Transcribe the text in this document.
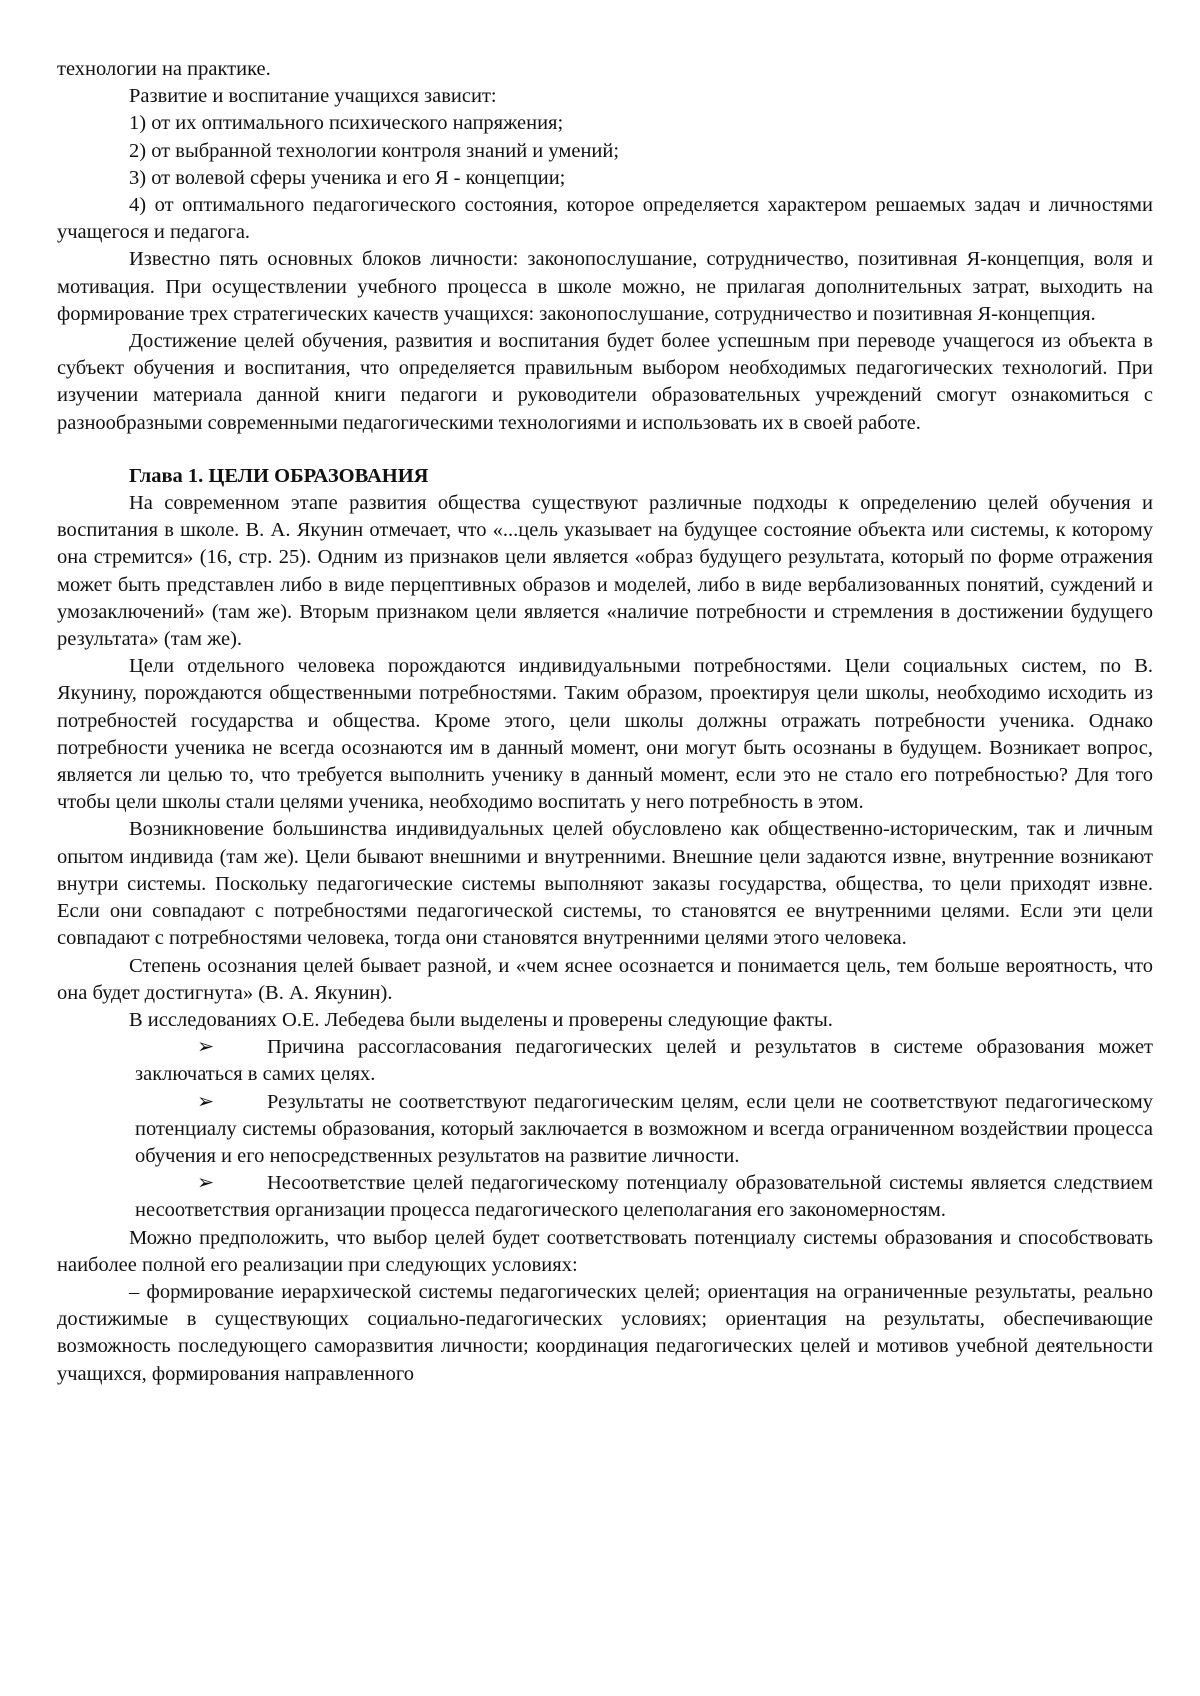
технологии на практике.

Развитие и воспитание учащихся зависит:

1) от их оптимального психического напряжения;

2) от выбранной технологии контроля знаний и умений;

3) от волевой сферы ученика и его Я - концепции;

4) от оптимального педагогического состояния, которое определяется характером решаемых задач и личностями учащегося и педагога.

Известно пять основных блоков личности: законопослушание, сотрудничество, позитивная Я-концепция, воля и мотивация. При осуществлении учебного процесса в школе можно, не прилагая дополнительных затрат, выходить на формирование трех стратегических качеств учащихся: законопослушание, сотрудничество и позитивная Я-концепция.

Достижение целей обучения, развития и воспитания будет более успешным при переводе учащегося из объекта в субъект обучения и воспитания, что определяется правильным выбором необходимых педагогических технологий. При изучении материала данной книги педагоги и руководители образовательных учреждений смогут ознакомиться с разнообразными современными педагогическими технологиями и использовать их в своей работе.

Глава 1. ЦЕЛИ ОБРАЗОВАНИЯ

На современном этапе развития общества существуют различные подходы к определению целей обучения и воспитания в школе. В. А. Якунин отмечает, что «...цель указывает на будущее состояние объекта или системы, к которому она стремится» (16, стр. 25). Одним из признаков цели является «образ будущего результата, который по форме отражения может быть представлен либо в виде перцептивных образов и моделей, либо в виде вербализованных понятий, суждений и умозаключений» (там же). Вторым признаком цели является «наличие потребности и стремления в достижении будущего результата» (там же).

Цели отдельного человека порождаются индивидуальными потребностями. Цели социальных систем, по В. Якунину, порождаются общественными потребностями. Таким образом, проектируя цели школы, необходимо исходить из потребностей государства и общества. Кроме этого, цели школы должны отражать потребности ученика. Однако потребности ученика не всегда осознаются им в данный момент, они могут быть осознаны в будущем. Возникает вопрос, является ли целью то, что требуется выполнить ученику в данный момент, если это не стало его потребностью? Для того чтобы цели школы стали целями ученика, необходимо воспитать у него потребность в этом.

Возникновение большинства индивидуальных целей обусловлено как общественно-историческим, так и личным опытом индивида (там же). Цели бывают внешними и внутренними. Внешние цели задаются извне, внутренние возникают внутри системы. Поскольку педагогические системы выполняют заказы государства, общества, то цели приходят извне. Если они совпадают с потребностями педагогической системы, то становятся ее внутренними целями. Если эти цели совпадают с потребностями человека, тогда они становятся внутренними целями этого человека.

Степень осознания целей бывает разной, и «чем яснее осознается и понимается цель, тем больше вероятность, что она будет достигнута» (В. А. Якунин).

В исследованиях О.Е. Лебедева были выделены и проверены следующие факты.

➢	Причина рассогласования педагогических целей и результатов в системе образования может заключаться в самих целях.

➢	Результаты не соответствуют педагогическим целям, если цели не соответствуют педагогическому потенциалу системы образования, который заключается в возможном и всегда ограниченном воздействии процесса обучения и его непосредственных результатов на развитие личности.

➢	Несоответствие целей педагогическому потенциалу образовательной системы является следствием несоответствия организации процесса педагогического целеполагания его закономерностям.

Можно предположить, что выбор целей будет соответствовать потенциалу системы образования и способствовать наиболее полной его реализации при следующих условиях:

– формирование иерархической системы педагогических целей; ориентация на ограниченные результаты, реально достижимые в существующих социально-педагогических условиях; ориентация на результаты, обеспечивающие возможность последующего саморазвития личности; координация педагогических целей и мотивов учебной деятельности учащихся, формирования направленного
